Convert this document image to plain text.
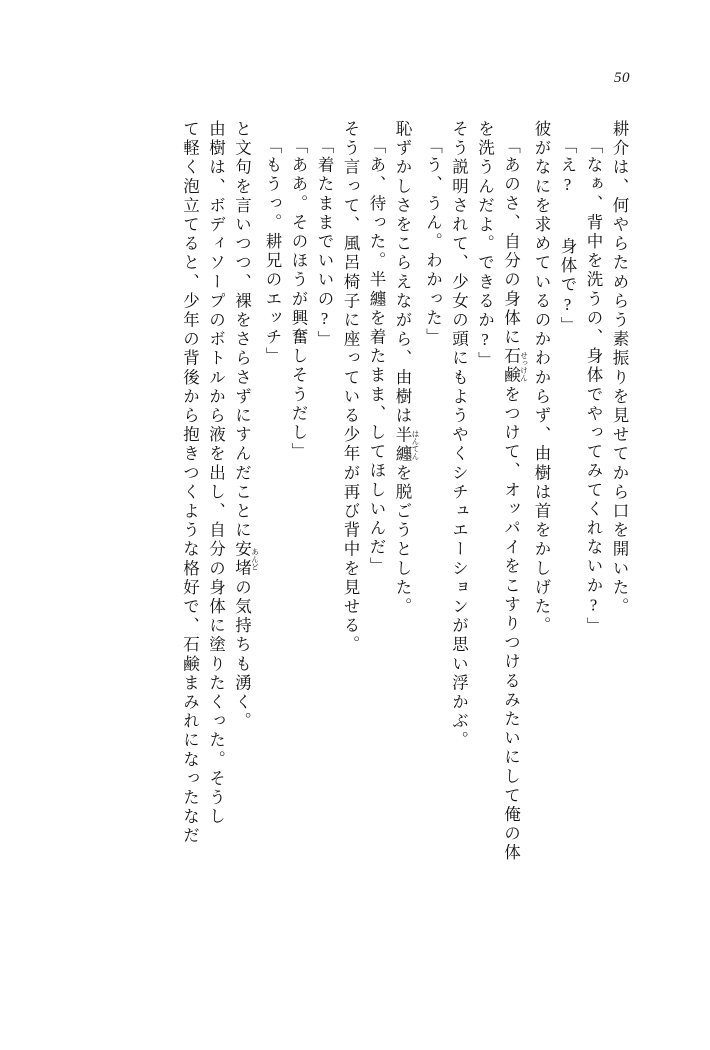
50
耕介は、何やらためらう素振りを見せてから口を開いた。
「なぁ、背中を洗うの、身体でやってみてくれないか?」
「え? 　身体で?」
彼がなにを求めているのかわからず、由樹は首をかしげた。
「あのさ、自分の身体に石鹸 せっけんをつけて、オッパイをこすりつけるみたいにして俺の体
を洗うんだよ。できるか?」
そう説明されて、少女の頭にもようやくシチュエーションが思い浮かぶ。
「う、うん。わかった」
恥ずかしさをこらえながら、由樹は半纏 はんてんを脱ごうとした。
「あ、待った。半纏を着たまま、してほしいんだ」
そう言って、風呂椅子に座っている少年が再び背中を見せる。
「着たままでいいの?」
「ああ。そのほうが興奮しそうだし」
「もうっ。耕兄のエッチ」
と文句を言いつつ、裸をさらさずにすんだことに安堵 あんどの気持ちも湧く。
由樹は、ボディソープのボトルから液を出し、自分の身体に塗りたくった。そうし
て軽く泡立てると、少年の背後から抱きつくような格好で、石鹸まみれになったなだ
